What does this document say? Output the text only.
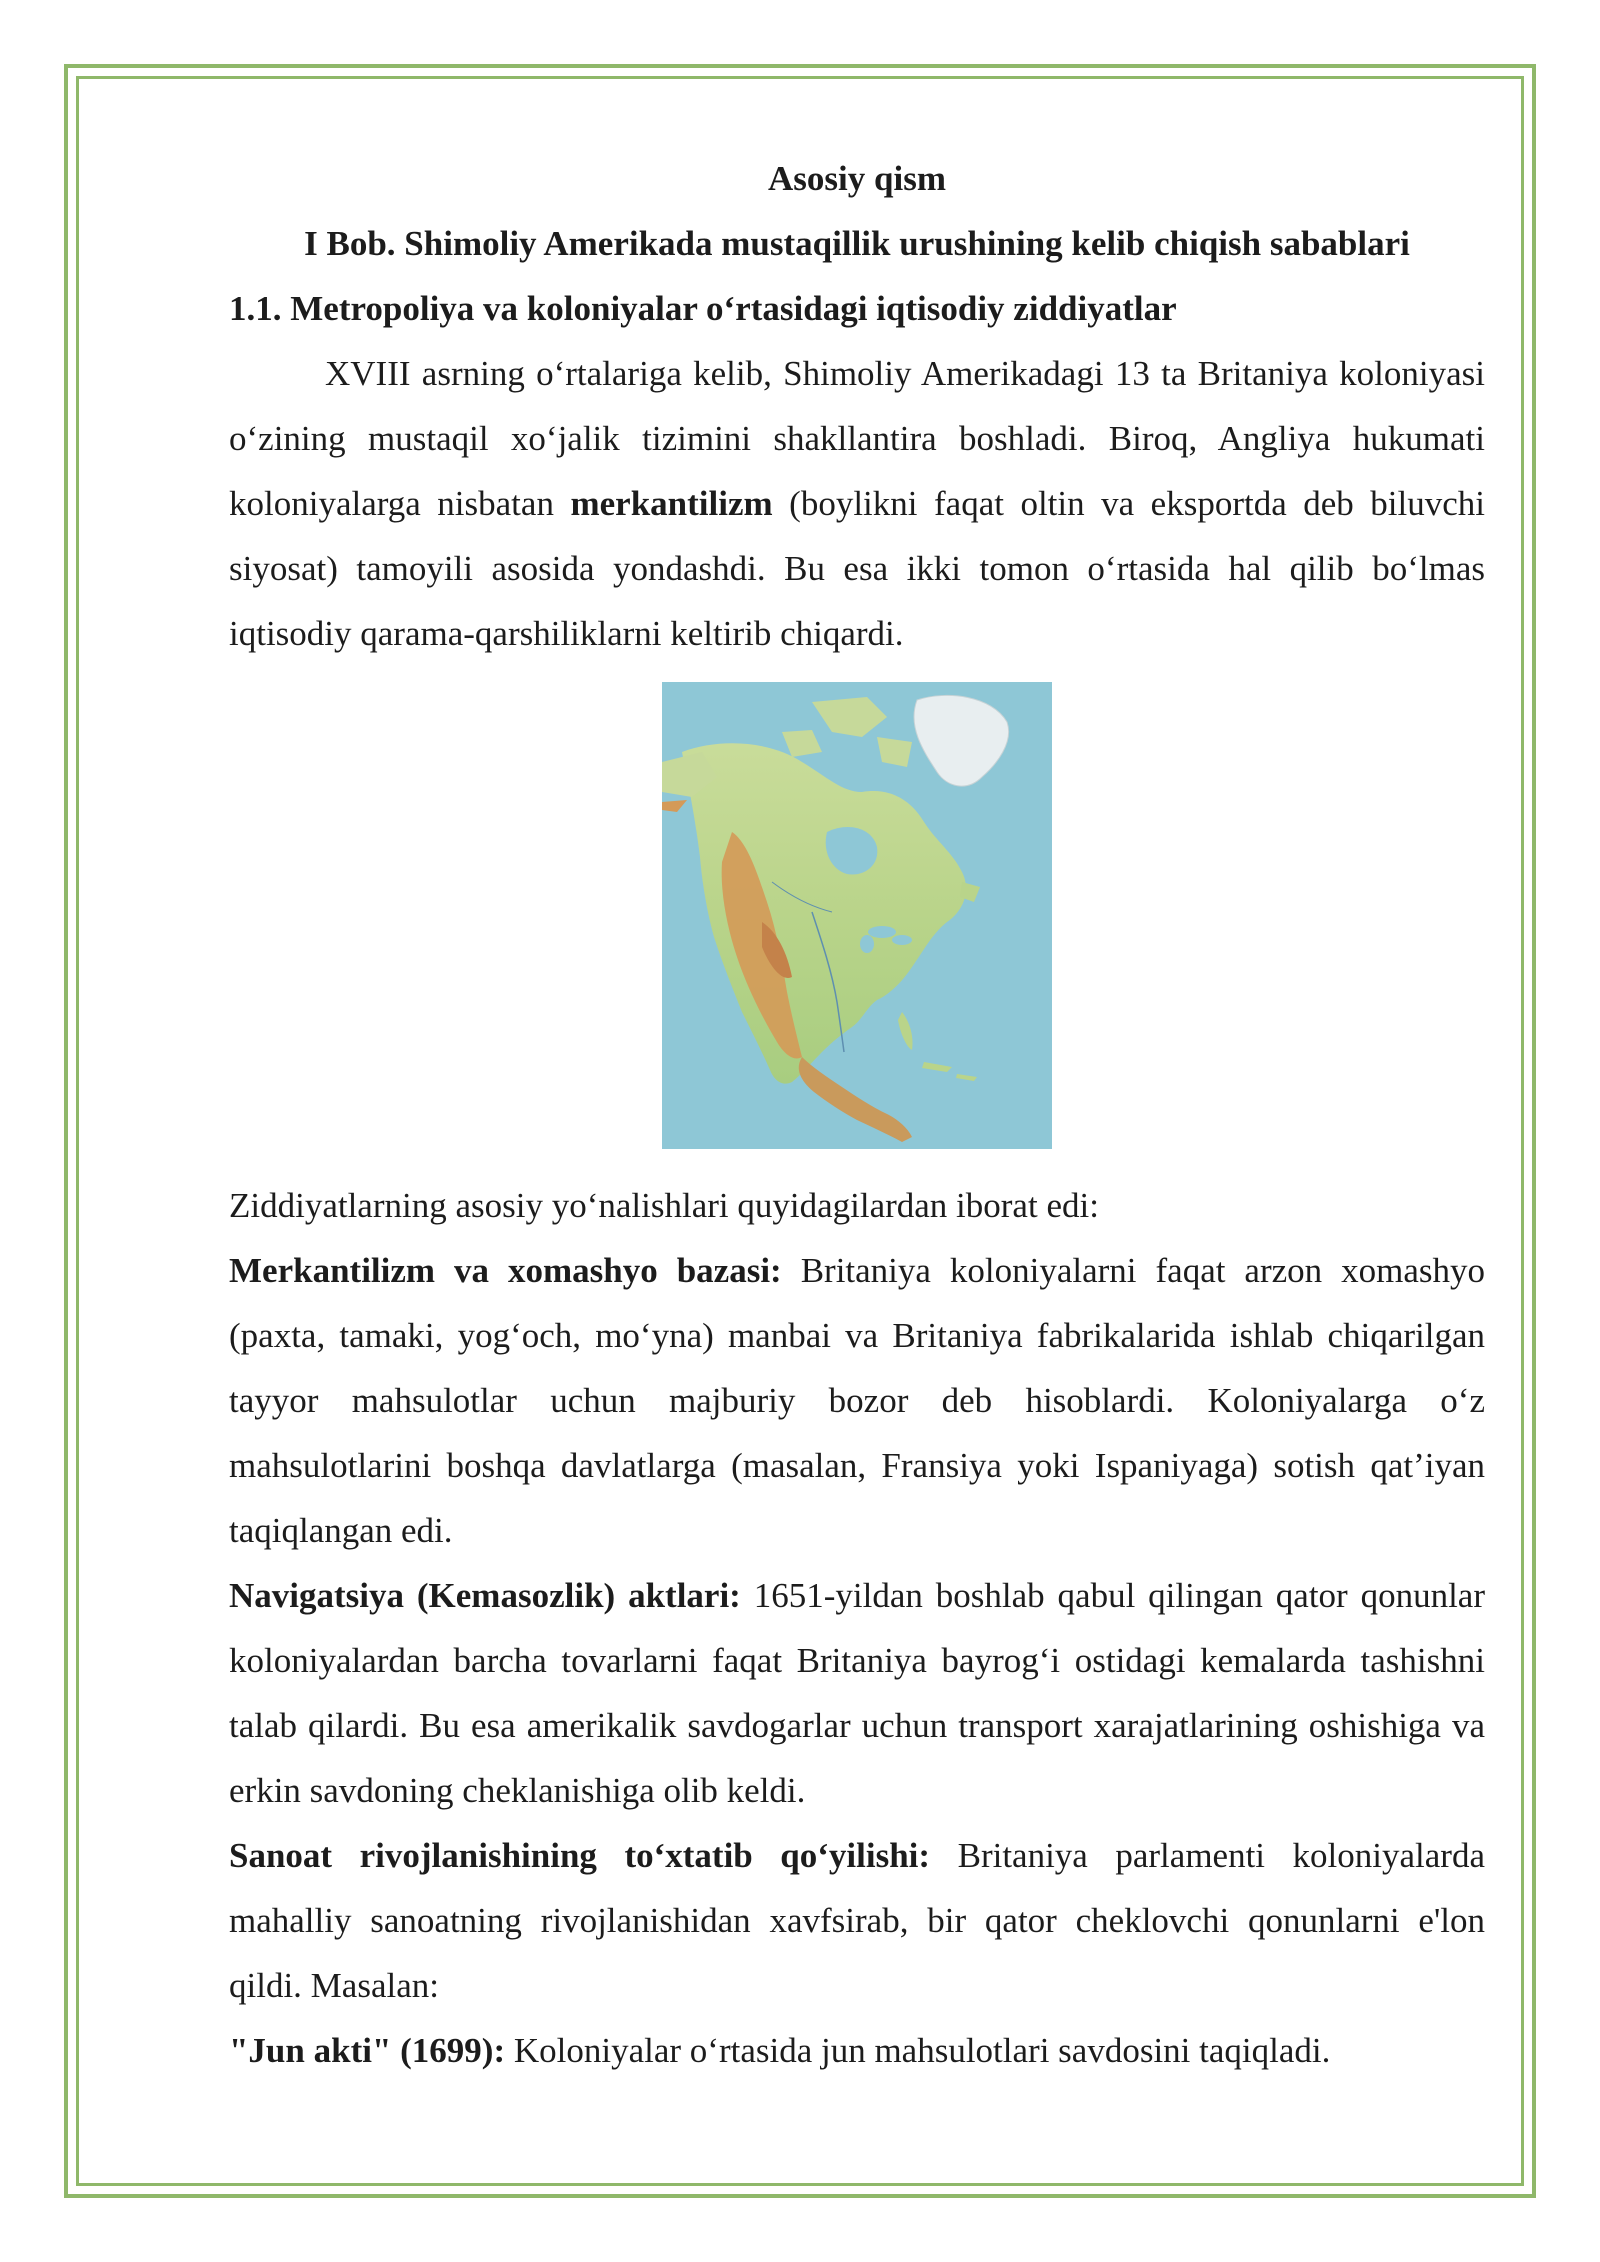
Asosiy qism

I Bob. Shimoliy Amerikada mustaqillik urushining kelib chiqish sabablari

1.1. Metropoliya va koloniyalar o‘rtasidagi iqtisodiy ziddiyatlar

XVIII asrning o‘rtalariga kelib, Shimoliy Amerikadagi 13 ta Britaniya koloniyasi o‘zining mustaqil xo‘jalik tizimini shakllantira boshladi. Biroq, Angliya hukumati koloniyalarga nisbatan merkantilizm (boylikni faqat oltin va eksportda deb biluvchi siyosat) tamoyili asosida yondashdi. Bu esa ikki tomon o‘rtasida hal qilib bo‘lmas iqtisodiy qarama-qarshiliklarni keltirib chiqardi.

Ziddiyatlarning asosiy yo‘nalishlari quyidagilardan iborat edi:

Merkantilizm va xomashyo bazasi: Britaniya koloniyalarni faqat arzon xomashyo (paxta, tamaki, yog‘och, mo‘yna) manbai va Britaniya fabrikalarida ishlab chiqarilgan tayyor mahsulotlar uchun majburiy bozor deb hisoblardi. Koloniyalarga o‘z mahsulotlarini boshqa davlatlarga (masalan, Fransiya yoki Ispaniyaga) sotish qat’iyan taqiqlangan edi.

Navigatsiya (Kemasozlik) aktlari: 1651-yildan boshlab qabul qilingan qator qonunlar koloniyalardan barcha tovarlarni faqat Britaniya bayrog‘i ostidagi kemalarda tashishni talab qilardi. Bu esa amerikalik savdogarlar uchun transport xarajatlarining oshishiga va erkin savdoning cheklanishiga olib keldi.

Sanoat rivojlanishining to‘xtatib qo‘yilishi: Britaniya parlamenti koloniyalarda mahalliy sanoatning rivojlanishidan xavfsirab, bir qator cheklovchi qonunlarni e'lon qildi. Masalan:

"Jun akti" (1699): Koloniyalar o‘rtasida jun mahsulotlari savdosini taqiqladi.
